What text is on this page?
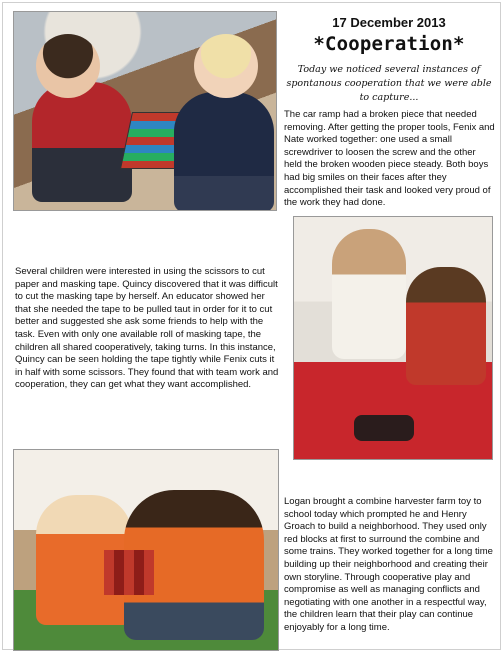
17 December 2013
*Cooperation*
Today we noticed several instances of spontanous cooperation that we were able to capture...
The car ramp had a broken piece that needed removing. After getting the proper tools, Fenix and Nate worked together: one used a small screwdriver to loosen the screw and the other held the broken wooden piece steady. Both boys had big smiles on their faces after they accomplished their task and looked very proud of the work they had done.
Several children were interested in using the scissors to cut paper and masking tape. Quincy discovered that it was difficult to cut the masking tape by herself. An educator showed her that she needed the tape to be pulled taut in order for it to cut better and suggested she ask some friends to help with the task. Even with only one available roll of masking tape, the children all shared cooperatively, taking turns. In this instance, Quincy can be seen holding the tape tightly while Fenix cuts it in half with some scissors. They found that with team work and cooperation, they can get what they want accomplished.
Logan brought a combine harvester farm toy to school today which prompted he and Henry Groach to build a neighborhood. They used only red blocks at first to surround the combine and some trains. They worked together for a long time building up their neighborhood and creating their own storyline. Through cooperative play and compromise as well as managing conflicts and negotiating with one another in a respectful way, the children learn that their play can continue enjoyably for a long time.
